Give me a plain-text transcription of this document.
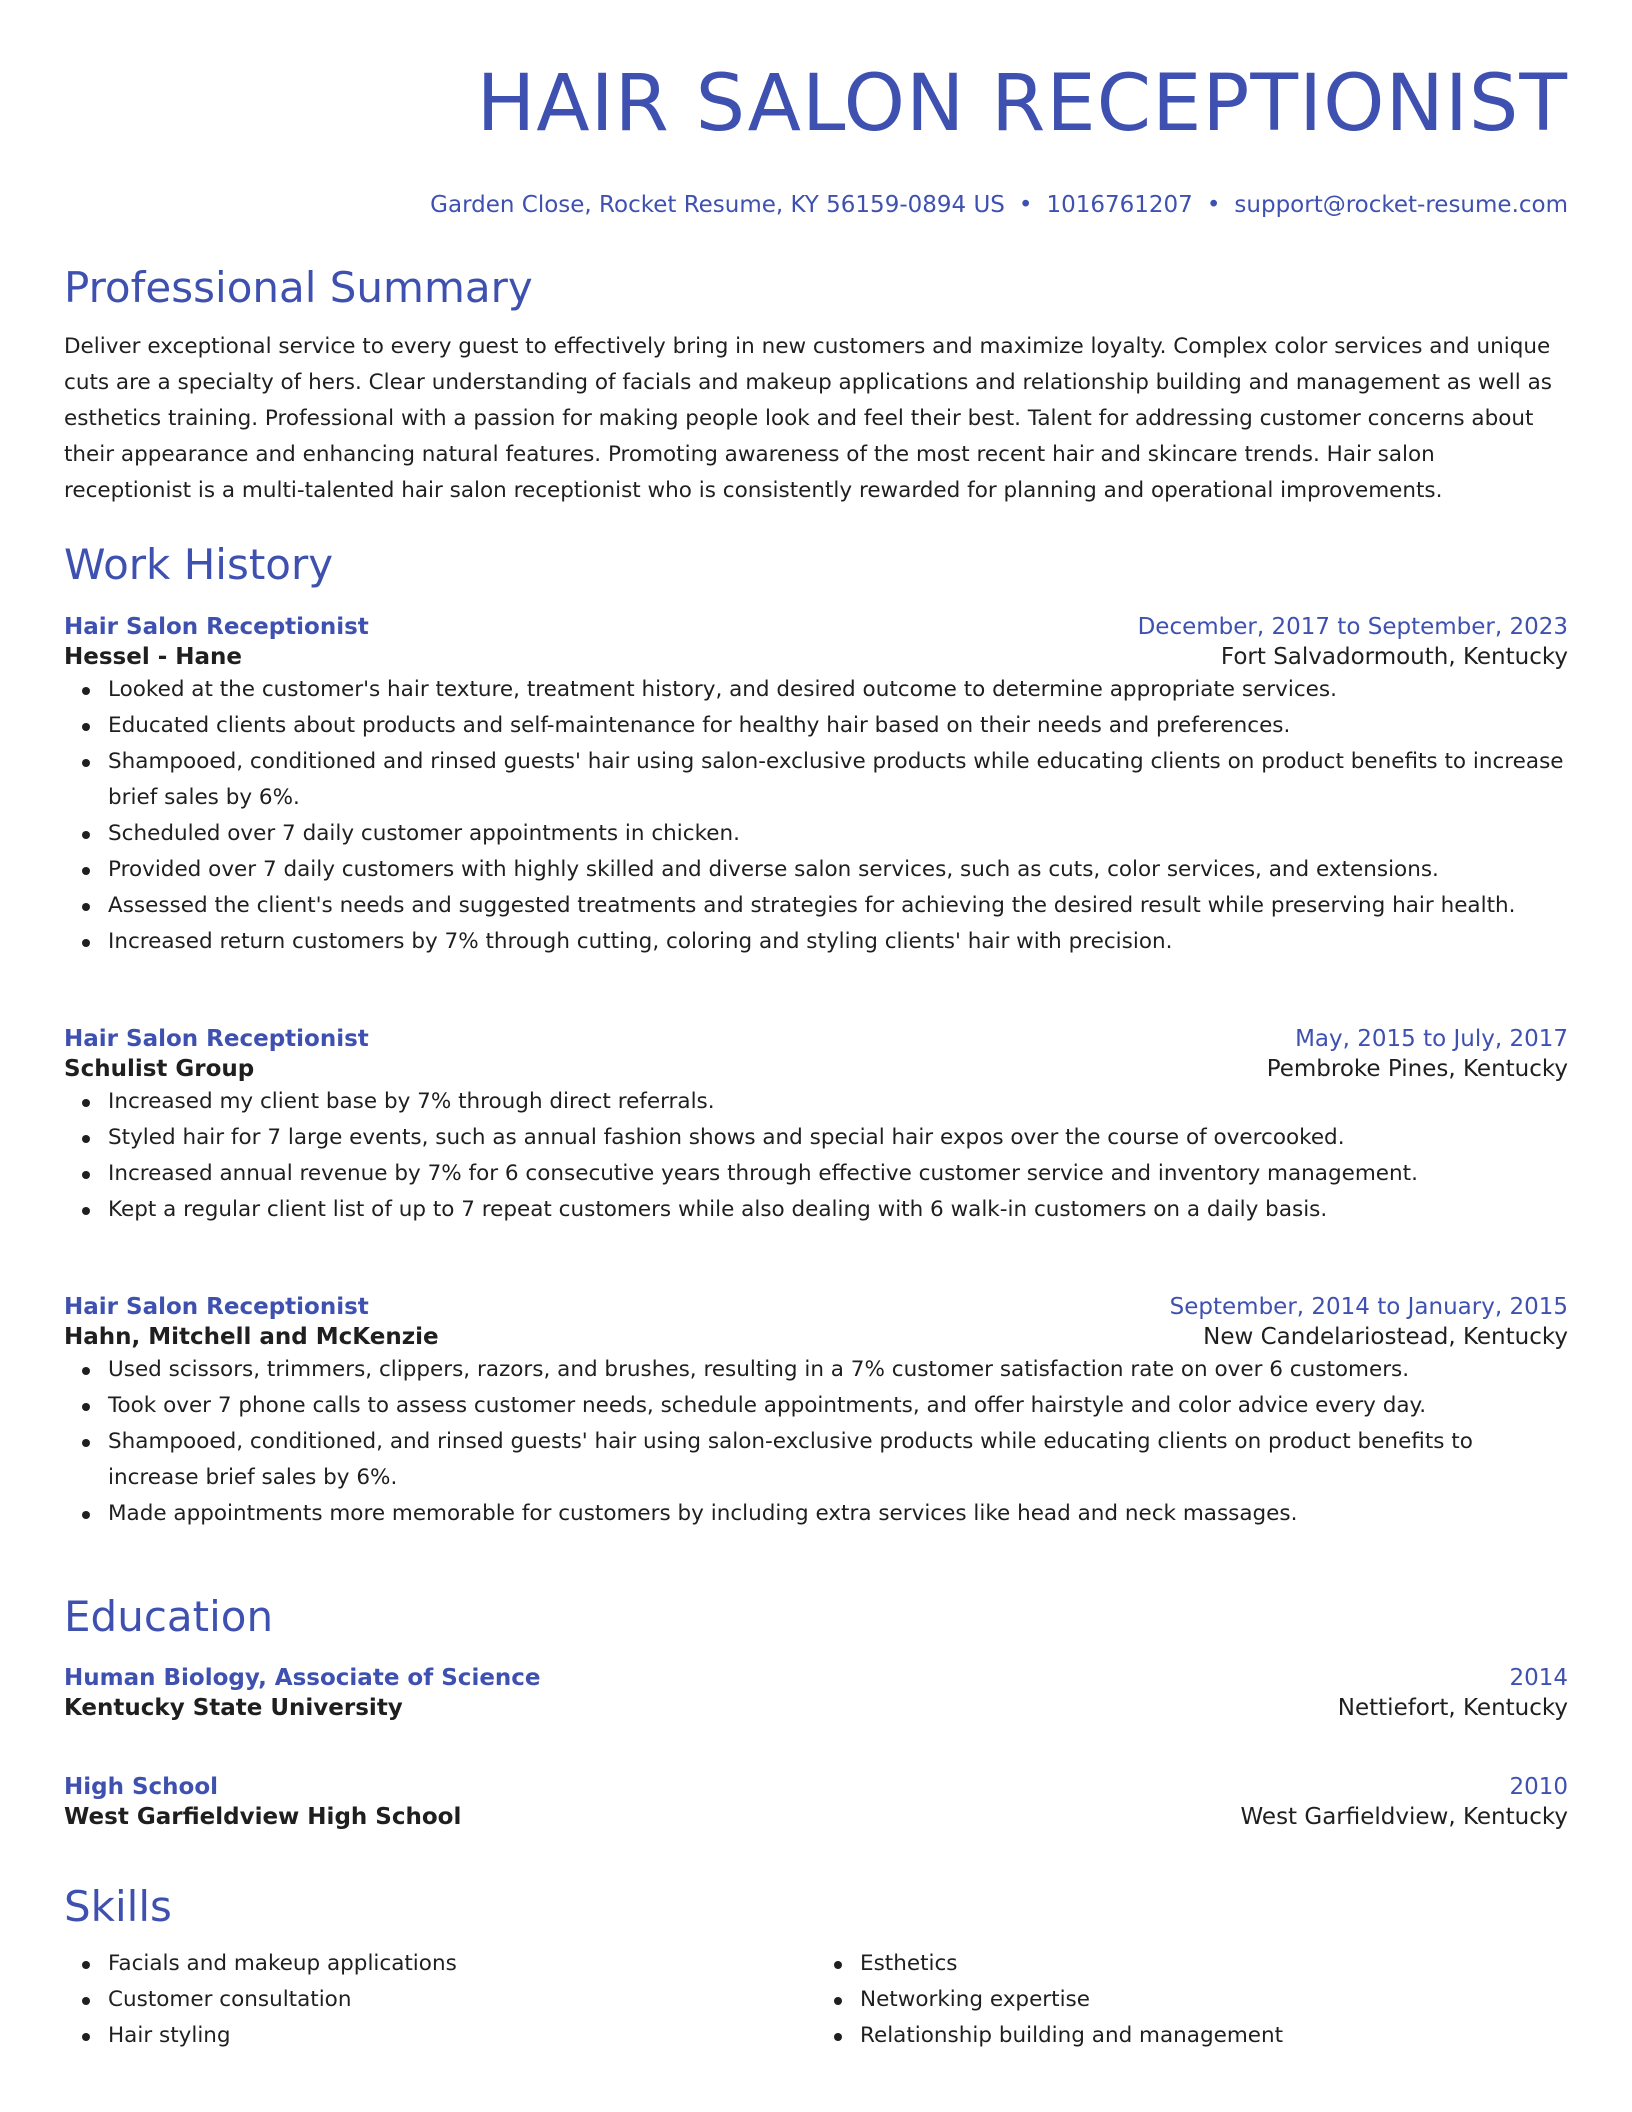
HAIR SALON RECEPTIONIST
Garden Close, Rocket Resume, KY 56159-0894 US • 1016761207 • support@rocket-resume.com
Professional Summary

Deliver exceptional service to every guest to effectively bring in new customers and maximize loyalty. Complex color services and unique cuts are a specialty of hers. Clear understanding of facials and makeup applications and relationship building and management as well as esthetics training. Professional with a passion for making people look and feel their best. Talent for addressing customer concerns about their appearance and enhancing natural features. Promoting awareness of the most recent hair and skincare trends. Hair salon receptionist is a multi-talented hair salon receptionist who is consistently rewarded for planning and operational improvements.

Work History
Hair Salon Receptionist	December, 2017 to September, 2023
Hessel - Hane	Fort Salvadormouth, Kentucky
Looked at the customer's hair texture, treatment history, and desired outcome to determine appropriate services.
Educated clients about products and self-maintenance for healthy hair based on their needs and preferences.
Shampooed, conditioned and rinsed guests' hair using salon-exclusive products while educating clients on product benefits to increase brief sales by 6%.
Scheduled over 7 daily customer appointments in chicken.
Provided over 7 daily customers with highly skilled and diverse salon services, such as cuts, color services, and extensions.
Assessed the client's needs and suggested treatments and strategies for achieving the desired result while preserving hair health.
Increased return customers by 7% through cutting, coloring and styling clients' hair with precision.
Hair Salon Receptionist	May, 2015 to July, 2017
Schulist Group	Pembroke Pines, Kentucky
Increased my client base by 7% through direct referrals.
Styled hair for 7 large events, such as annual fashion shows and special hair expos over the course of overcooked.
Increased annual revenue by 7% for 6 consecutive years through effective customer service and inventory management.
Kept a regular client list of up to 7 repeat customers while also dealing with 6 walk-in customers on a daily basis.
Hair Salon Receptionist	September, 2014 to January, 2015
Hahn, Mitchell and McKenzie	New Candelariostead, Kentucky
Used scissors, trimmers, clippers, razors, and brushes, resulting in a 7% customer satisfaction rate on over 6 customers.
Took over 7 phone calls to assess customer needs, schedule appointments, and offer hairstyle and color advice every day.
Shampooed, conditioned, and rinsed guests' hair using salon-exclusive products while educating clients on product benefits to increase brief sales by 6%.
Made appointments more memorable for customers by including extra services like head and neck massages.
Education
Human Biology, Associate of Science	2014
Kentucky State University	Nettiefort, Kentucky
High School	2010
West Garfieldview High School	West Garfieldview, Kentucky
Skills
Facials and makeup applications
Customer consultation
Hair styling
Esthetics
Networking expertise
Relationship building and management
